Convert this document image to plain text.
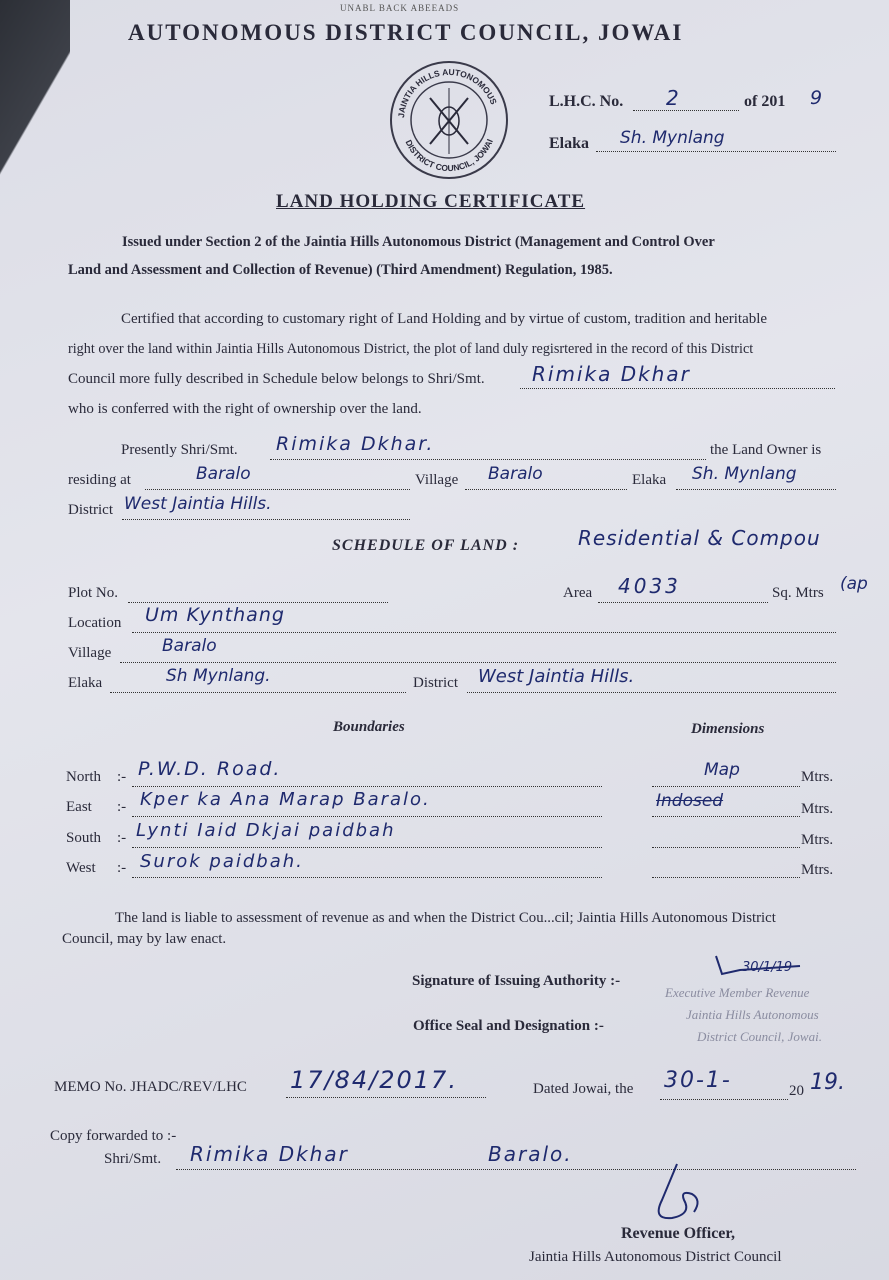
UNABL BACK ABEEADS
AUTONOMOUS DISTRICT COUNCIL, JOWAI
JAINTIA HILLS AUTONOMOUS
DISTRICT COUNCIL, JOWAI
L.H.C. No. 2	of 201 9
Elaka Sh. Mynlang
LAND HOLDING CERTIFICATE
Issued under Section 2 of the Jaintia Hills Autonomous District (Management and Control Over
Land and Assessment and Collection of Revenue) (Third Amendment) Regulation, 1985.
Certified that according to customary right of Land Holding and by virtue of custom, tradition and heritable
right over the land within Jaintia Hills Autonomous District, the plot of land duly regisrtered in the record of this District
Council more fully described in Schedule below belongs to Shri/Smt. Rimika Dkhar
who is conferred with the right of ownership over the land.
Presently Shri/Smt. Rimika Dkhar.	the Land Owner is
residing at	Baralo	Village Baralo	Elaka Sh. Mynlang
District West Jaintia Hills.
SCHEDULE OF LAND :	Residential & Compou
Plot No.	Area 4033	Sq. Mtrs (ap
Location Um Kynthang
Village	Baralo
Elaka	Sh Mynlang.	District West Jaintia Hills.
Boundaries	Dimensions
North :- P.W.D. Road.	Map	Mtrs.
East :- Kper ka Ana Marap Baralo.	Indosed	Mtrs.
South :- Lynti Iaid Dkjai paidbah	Mtrs.
West :- Surok paidbah.	Mtrs.
The land is liable to assessment of revenue as and when the District Cou...cil; Jaintia Hills Autonomous District
Council, may by law enact.
Signature of Issuing Authority :-
30/1/19
Executive Member Revenue
Jaintia Hills Autonomous
District Council, Jowai.
Office Seal and Designation :-
MEMO No. JHADC/REV/LHC 17/84/2017.	Dated Jowai, the 30-1-	20 19.
Copy forwarded to :-
Shri/Smt. Rimika Dkhar	Baralo.
Revenue Officer,
Jaintia Hills Autonomous District Council
